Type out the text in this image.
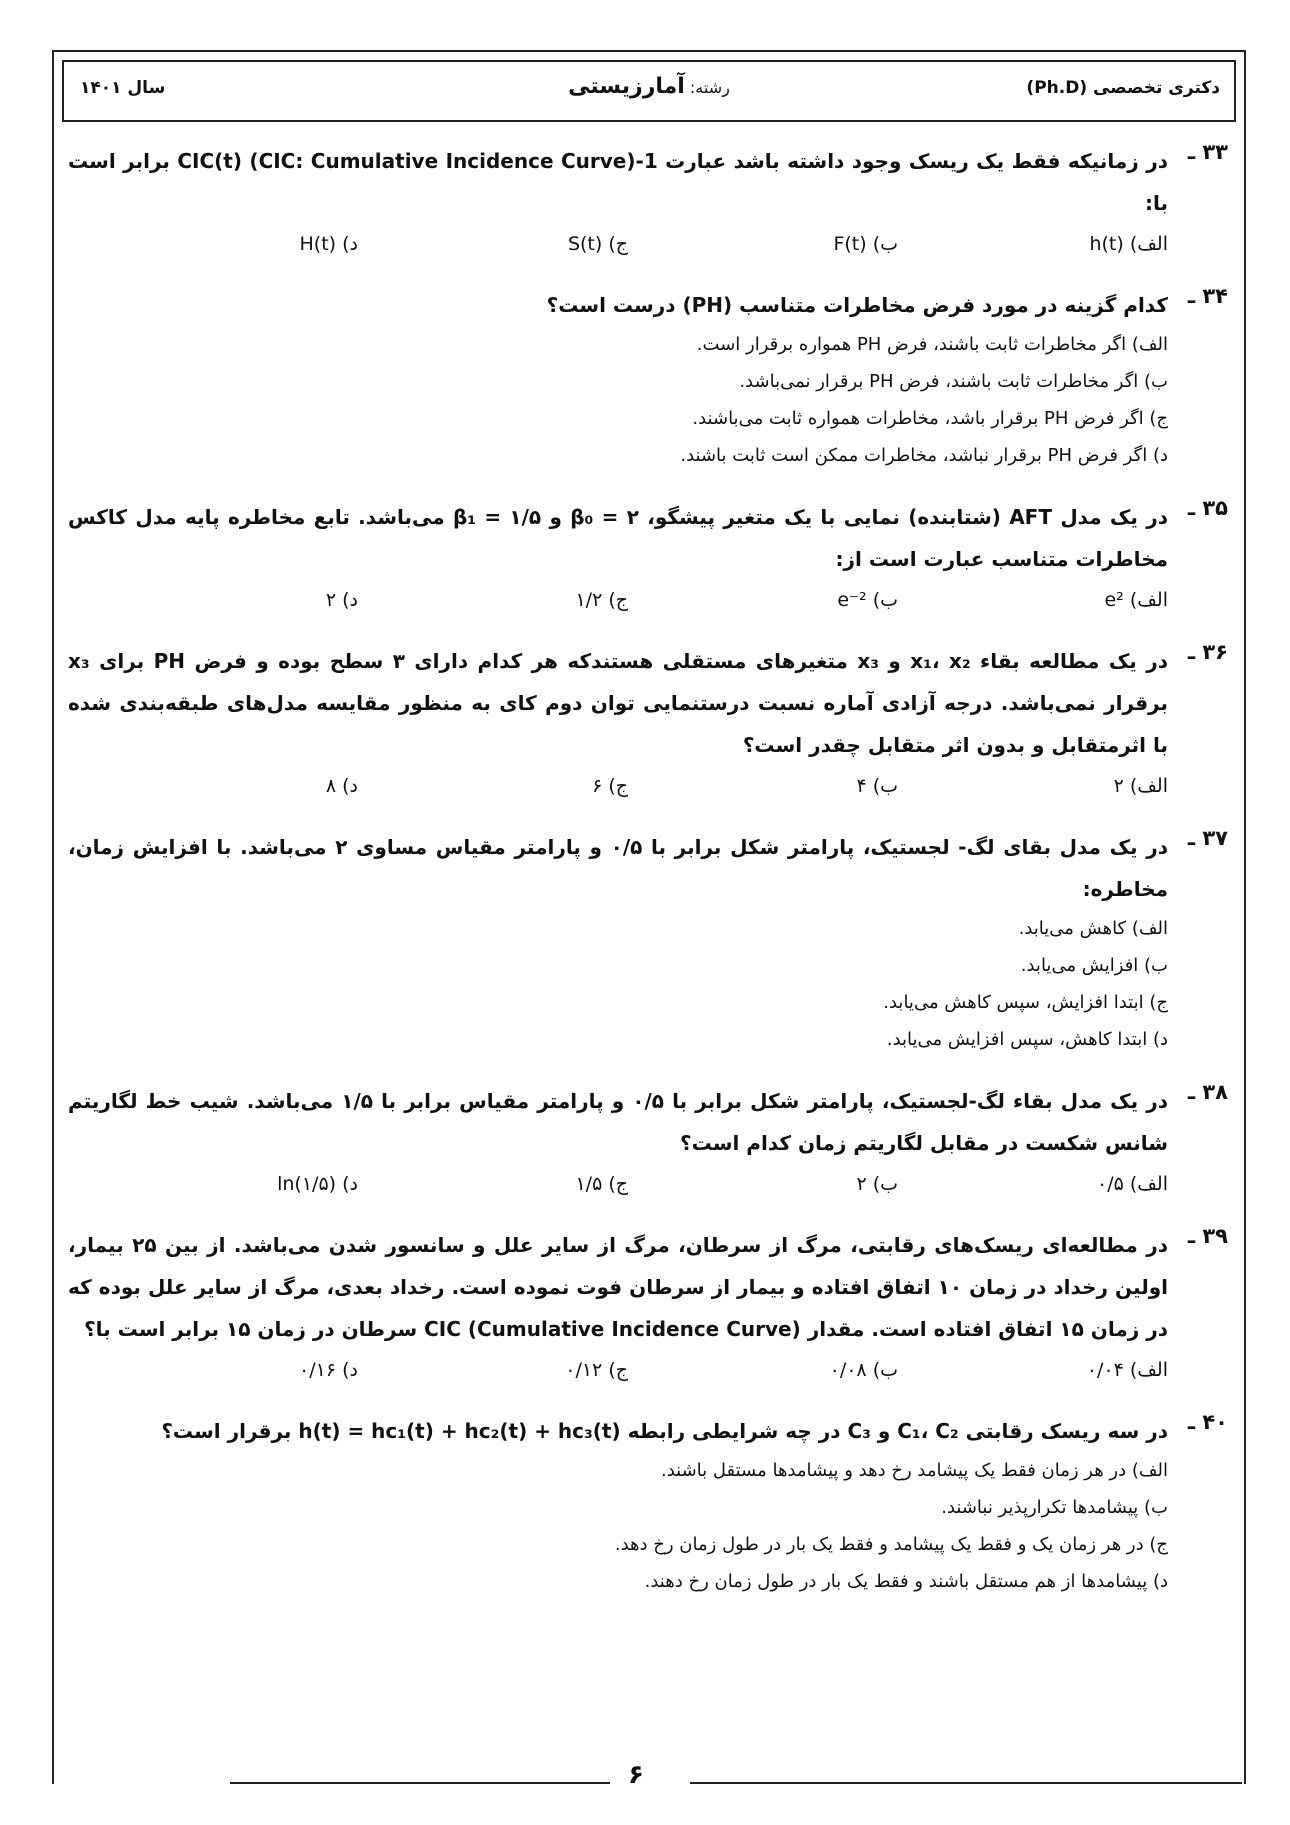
دکتری تخصصی (Ph.D)
رشته: آمارزیستی
سال ۱۴۰۱
۳۳ ـ
در زمانیکه فقط یک ریسک وجود داشته باشد عبارت 1-CIC(t) (CIC: Cumulative Incidence Curve) برابر است با:
الف) h(t)
ب) F(t)
ج) S(t)
د) H(t)
۳۴ ـ
کدام گزینه در مورد فرض مخاطرات متناسب (PH) درست است؟
الف) اگر مخاطرات ثابت باشند، فرض PH همواره برقرار است.
ب) اگر مخاطرات ثابت باشند، فرض PH برقرار نمی‌باشد.
ج) اگر فرض PH برقرار باشد، مخاطرات همواره ثابت می‌باشند.
د) اگر فرض PH برقرار نباشد، مخاطرات ممکن است ثابت باشند.
۳۵ ـ
در یک مدل AFT (شتابنده) نمایی با یک متغیر پیشگو، β₀ = ۲ و β₁ = ۱/۵ می‌باشد. تابع مخاطره پایه مدل کاکس مخاطرات متناسب عبارت است از:
الف) e²
ب) e⁻²
ج) ۱/۲
د) ۲
۳۶ ـ
در یک مطالعه بقاء x₁، x₂ و x₃ متغیرهای مستقلی هستندکه هر کدام دارای ۳ سطح بوده و فرض PH برای x₃ برقرار نمی‌باشد. درجه آزادی آماره نسبت درستنمایی توان دوم کای به منظور مقایسه مدل‌های طبقه‌بندی شده با اثرمتقابل و بدون اثر متقابل چقدر است؟
الف) ۲
ب) ۴
ج) ۶
د) ۸
۳۷ ـ
در یک مدل بقای لگ- لجستیک، پارامتر شکل برابر با ۰/۵ و پارامتر مقیاس مساوی ۲ می‌باشد. با افزایش زمان، مخاطره:
الف) کاهش می‌یابد.
ب) افزایش می‌یابد.
ج) ابتدا افزایش، سپس کاهش می‌یابد.
د) ابتدا کاهش، سپس افزایش می‌یابد.
۳۸ ـ
در یک مدل بقاء لگ-لجستیک، پارامتر شکل برابر با ۰/۵ و پارامتر مقیاس برابر با ۱/۵ می‌باشد. شیب خط لگاریتم شانس شکست در مقابل لگاریتم زمان کدام است؟
الف) ۰/۵
ب) ۲
ج) ۱/۵
د) ln(۱/۵)
۳۹ ـ
در مطالعه‌ای ریسک‌های رقابتی، مرگ از سرطان، مرگ از سایر علل و سانسور شدن می‌باشد. از بین ۲۵ بیمار، اولین رخداد در زمان ۱۰ اتفاق افتاده و بیمار از سرطان فوت نموده است. رخداد بعدی، مرگ از سایر علل بوده که در زمان ۱۵ اتفاق افتاده است. مقدار CIC (Cumulative Incidence Curve) سرطان در زمان ۱۵ برابر است با؟
الف) ۰/۰۴
ب) ۰/۰۸
ج) ۰/۱۲
د) ۰/۱۶
۴۰ ـ
در سه ریسک رقابتی C₁، C₂ و C₃ در چه شرایطی رابطه h(t) = hc₁(t) + hc₂(t) + hc₃(t) برقرار است؟
الف) در هر زمان فقط یک پیشامد رخ دهد و پیشامدها مستقل باشند.
ب) پیشامدها تکرارپذیر نباشند.
ج) در هر زمان یک و فقط یک پیشامد و فقط یک بار در طول زمان رخ دهد.
د) پیشامدها از هم مستقل باشند و فقط یک بار در طول زمان رخ دهند.
۶
